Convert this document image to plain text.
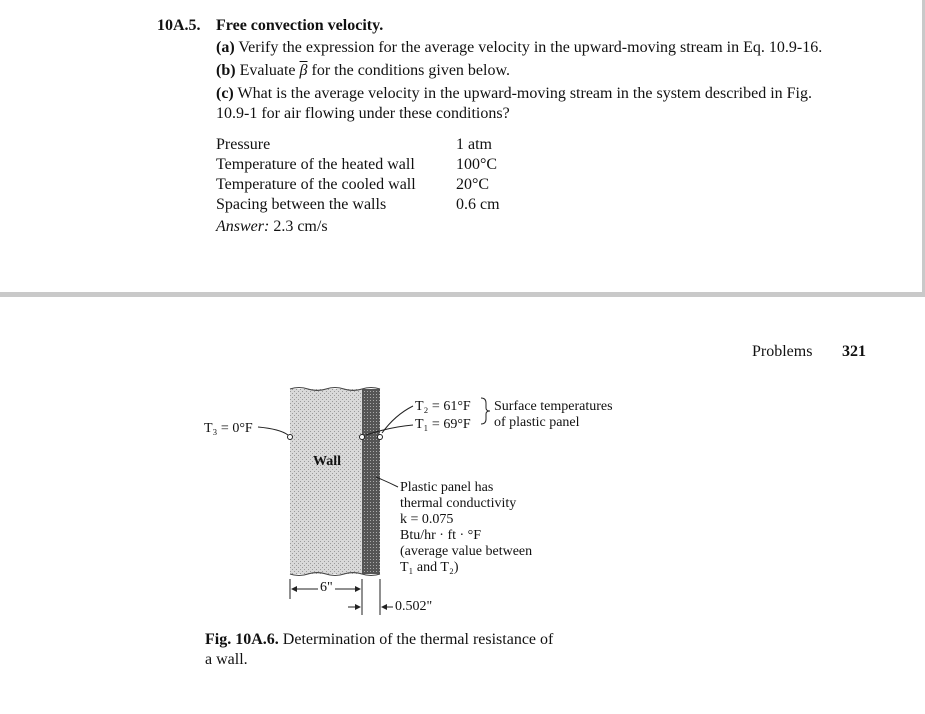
10A.5. Free convection velocity.
(a) Verify the expression for the average velocity in the upward-moving stream in Eq. 10.9-16.
(b) Evaluate $\overline{\beta}$ for the conditions given below.
(c) What is the average velocity in the upward-moving stream in the system described in Fig.
10.9-1 for air flowing under these conditions?
Pressure	1 atm
Temperature of the heated wall	100°C
Temperature of the cooled wall	20°C
Spacing between the walls	0.6 cm
Answer: 2.3 cm/s
Problems 321
T₃ = 0°F
Wall
T₂ = 61°F
T₁ = 69°F
Surface temperatures
of plastic panel
Plastic panel has
thermal conductivity
k = 0.075
Btu/hr · ft · °F
(average value between
T₁ and T₂)
6"
0.502"
Fig. 10A.6. Determination of the thermal resistance of
a wall.
